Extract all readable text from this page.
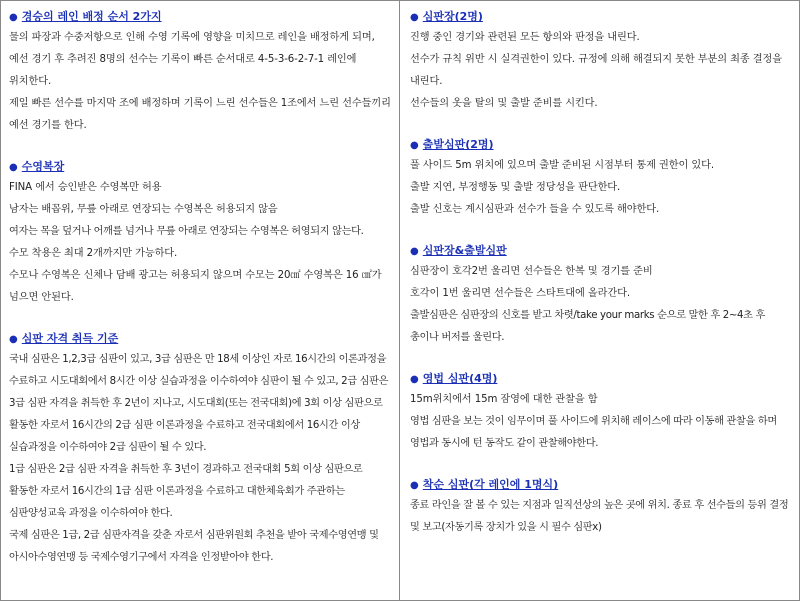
● 경승의 레인 배정 순서 2가지

물의 파장과 수중저항으로 인해 수영 기록에 영향을 미치므로 레인을 배정하게 되며, 예선 경기 후 추려진 8명의 선수는 기록이 빠른 순서대로 4-5-3-6-2-7-1 레인에 위치한다.

제일 빠른 선수를 마지막 조에 배정하며 기록이 느린 선수들은 1조에서 느린 선수들끼리 예선 경기를 한다.

● 수영복장

FINA 에서 승인받은 수영복만 허용

남자는 배꼽위, 무릎 아래로 연장되는 수영복은 허용되지 않음

여자는 목을 덮거나 어깨를 넘거나 무릎 아래로 연장되는 수영복은 허영되지 않는다.

수모 착용은 최대 2개까지만 가능하다.

수모나 수영복은 신체나 담배 광고는 허용되지 않으며 수모는 20㎠ 수영복은 16 ㎠가 넘으면 안된다.

● 심판 자격 취득 기준

국내 심판은 1,2,3급 심판이 있고, 3급 심판은 만 18세 이상인 자로 16시간의 이론과정을 수료하고 시도대회에서 8시간 이상 실습과정을 이수하여야 심판이 될 수 있고, 2급 심판은 3급 심판 자격을 취득한 후 2년이 지나고, 시도대회(또는 전국대회)에 3회 이상 심판으로 활동한 자로서 16시간의 2급 심판 이론과정을 수료하고 전국대회에서 16시간 이상 실습과정을 이수하여야 2급 심판이 될 수 있다.

1급 심판은 2급 심판 자격을 취득한 후 3년이 경과하고 전국대회 5회 이상 심판으로 활동한 자로서 16시간의 1급 심판 이론과정을 수료하고 대한체육회가 주관하는 심판양성교육 과정을 이수하여야 한다.

국제 심판은 1급, 2급 심판자격을 갖춘 자로서 심판위원회 추천을 받아 국제수영연맹 및 아시아수영연맹 등 국제수영기구에서 자격을 인정받아야 한다.

● 심판장(2명)

진행 중인 경기와 관련된 모든 항의와 판정을 내린다.

선수가 규칙 위반 시 실격권한이 있다. 규정에 의해 해결되지 못한 부분의 최종 결정을 내린다.

선수들의 옷을 탈의 및 출발 준비를 시킨다.

● 출발심판(2명)

풀 사이드 5m 위치에 있으며 출발 준비된 시점부터 통제 권한이 있다.

출발 지연, 부정행동 및 출발 정당성을 판단한다.

출발 신호는 계시심판과 선수가 들을 수 있도록 해야한다.

● 심판장&출발심판

심판장이 호각2번 울리면 선수들은 한복 및 경기를 준비

호각이 1번 울리면 선수들은 스타트대에 올라간다.

출발심판은 심판장의 신호를 받고 차렷/take your marks 순으로 말한 후 2~4초 후 총이나 버저를 울린다.

● 영법 심판(4명)

15m위치에서 15m 잠영에 대한 관찰을 함

영법 심판을 보는 것이 임무이며 풀 사이드에 위치해 레이스에 따라 이동해 관찰을 하며 영법과 동시에 턴 동작도 같이 관찰해야한다.

● 착순 심판(각 레인에 1명식)

종료 라인을 잘 볼 수 있는 지점과 일직선상의 높은 곳에 위치. 종료 후 선수들의 등위 결정 및 보고(자동기록 장치가 있을 시 필수 심판x)
